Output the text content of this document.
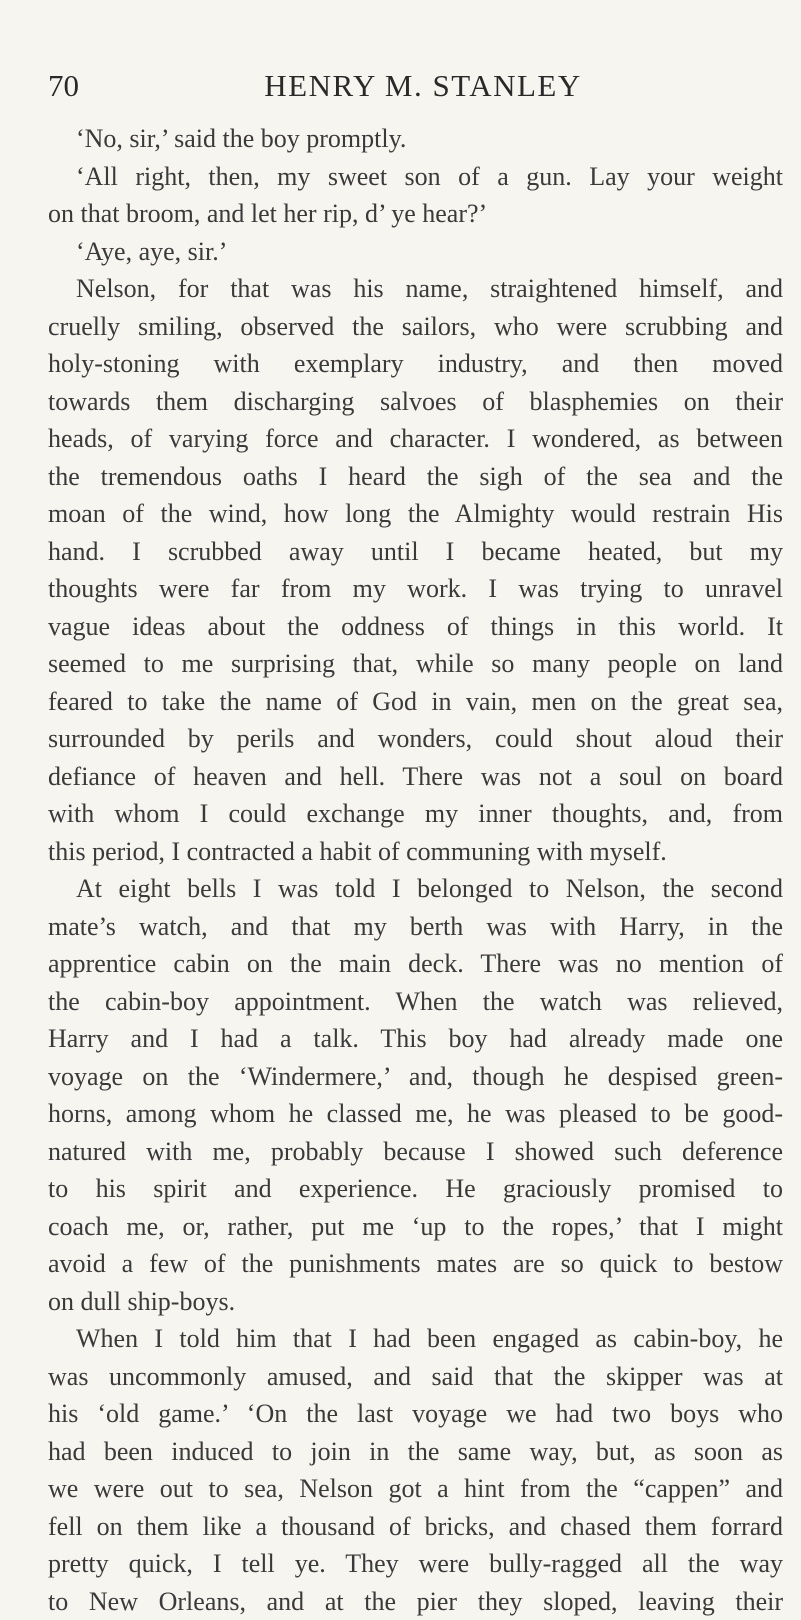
70	HENRY M. STANLEY
‘No, sir,’ said the boy promptly.
‘All right, then, my sweet son of a gun. Lay your weight
on that broom, and let her rip, d’ ye hear?’
‘Aye, aye, sir.’
Nelson, for that was his name, straightened himself, and
cruelly smiling, observed the sailors, who were scrubbing and
holy-stoning with exemplary industry, and then moved
towards them discharging salvoes of blasphemies on their
heads, of varying force and character. I wondered, as between
the tremendous oaths I heard the sigh of the sea and the
moan of the wind, how long the Almighty would restrain His
hand. I scrubbed away until I became heated, but my
thoughts were far from my work. I was trying to unravel
vague ideas about the oddness of things in this world. It
seemed to me surprising that, while so many people on land
feared to take the name of God in vain, men on the great sea,
surrounded by perils and wonders, could shout aloud their
defiance of heaven and hell. There was not a soul on board
with whom I could exchange my inner thoughts, and, from
this period, I contracted a habit of communing with myself.
At eight bells I was told I belonged to Nelson, the second
mate’s watch, and that my berth was with Harry, in the
apprentice cabin on the main deck. There was no mention of
the cabin-boy appointment. When the watch was relieved,
Harry and I had a talk. This boy had already made one
voyage on the ‘Windermere,’ and, though he despised green-
horns, among whom he classed me, he was pleased to be good-
natured with me, probably because I showed such deference
to his spirit and experience. He graciously promised to
coach me, or, rather, put me ‘up to the ropes,’ that I might
avoid a few of the punishments mates are so quick to bestow
on dull ship-boys.
When I told him that I had been engaged as cabin-boy, he
was uncommonly amused, and said that the skipper was at
his ‘old game.’ ‘On the last voyage we had two boys who
had been induced to join in the same way, but, as soon as
we were out to sea, Nelson got a hint from the “cappen” and
fell on them like a thousand of bricks, and chased them forrard
pretty quick, I tell ye. They were bully-ragged all the way
to New Orleans, and at the pier they sloped, leaving their
